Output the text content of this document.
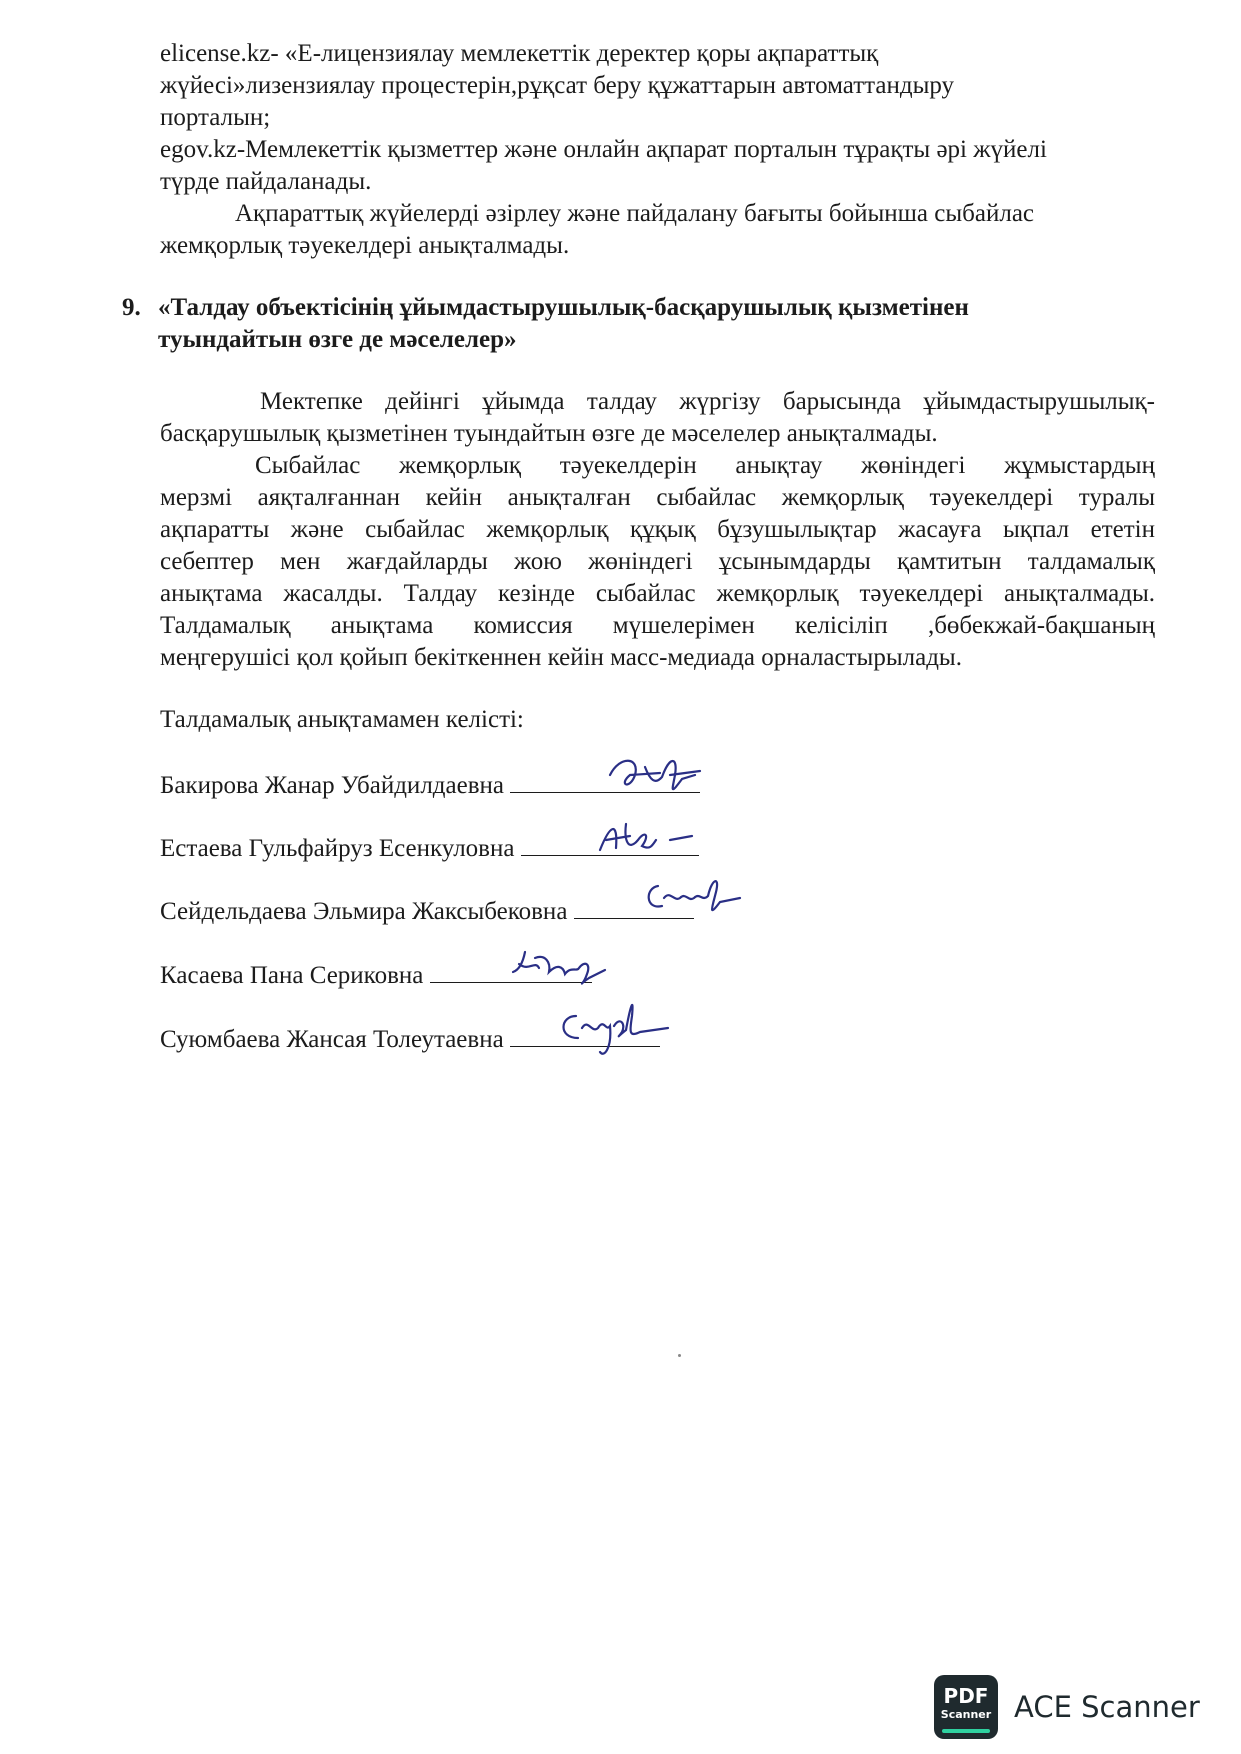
elicense.kz- «Е-лицензиялау мемлекеттік деректер қоры ақпараттық
жүйесі»лизензиялау процестерін,рұқсат беру құжаттарын автоматтандыру
порталын;
egov.kz-Мемлекеттік қызметтер және онлайн ақпарат порталын тұрақты әрі жүйелі
түрде пайдаланады.
Ақпараттық жүйелерді әзірлеу және пайдалану бағыты бойынша сыбайлас
жемқорлық тәуекелдері анықталмады.
9. «Талдау объектісінің ұйымдастырушылық-басқарушылық қызметінен
туындайтын өзге де мәселелер»
Мектепке дейінгі ұйымда талдау жүргізу барысында ұйымдастырушылық-
басқарушылық қызметінен туындайтын өзге де мәселелер анықталмады.
Сыбайлас жемқорлық тәуекелдерін анықтау жөніндегі жұмыстардың
мерзмі аяқталғаннан кейін анықталған сыбайлас жемқорлық тәуекелдері туралы
ақпаратты және сыбайлас жемқорлық құқық бұзушылықтар жасауға ықпал ететін
себептер мен жағдайларды жою жөніндегі ұсынымдарды қамтитын талдамалық
анықтама жасалды. Талдау кезінде сыбайлас жемқорлық тәуекелдері анықталмады.
Талдамалық анықтама комиссия мүшелерімен келісіліп ,бөбекжай-бақшаның
меңгерушісі қол қойып бекіткеннен кейін масс-медиада орналастырылады.
Талдамалық анықтамамен келісті:
Бакирова Жанар Убайдилдаевна
Естаева Гульфайруз Есенкуловна
Сейдельдаева Эльмира Жаксыбековна
Касаева Пана Сериковна
Суюмбаева Жансая Толеутаевна
PDF
Scanner ACE Scanner
